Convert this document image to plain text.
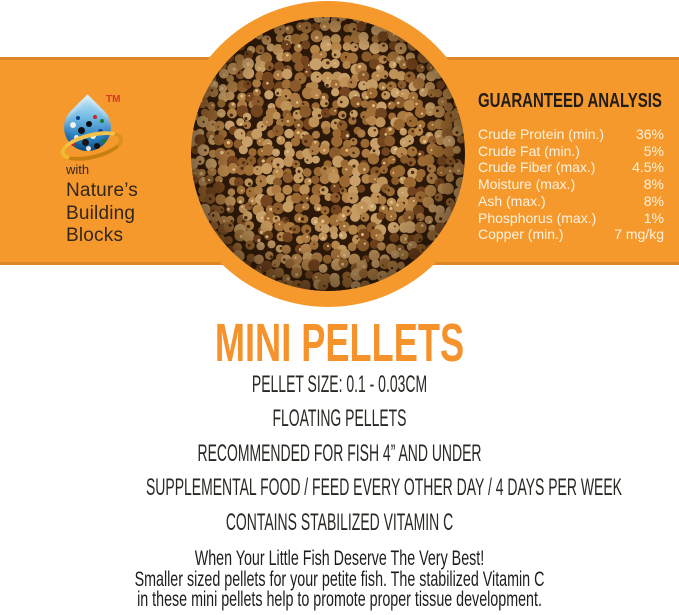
TM
with
Nature’s
Building
Blocks
GUARANTEED ANALYSIS
Crude Protein (min.) 36%
Crude Fat (min.)	5%
Crude Fiber (max.)	4.5%
Moisture (max.)	8%
Ash (max.)	8%
Phosphorus (max.)	1%
Copper (min.)	7 mg/kg
MINI PELLETS
PELLET SIZE: 0.1 - 0.03CM
FLOATING PELLETS
RECOMMENDED FOR FISH 4” AND UNDER
SUPPLEMENTAL FOOD / FEED EVERY OTHER DAY / 4 DAYS PER WEEK
CONTAINS STABILIZED VITAMIN C
When Your Little Fish Deserve The Very Best!
Smaller sized pellets for your petite fish. The stabilized Vitamin C
in these mini pellets help to promote proper tissue development.
